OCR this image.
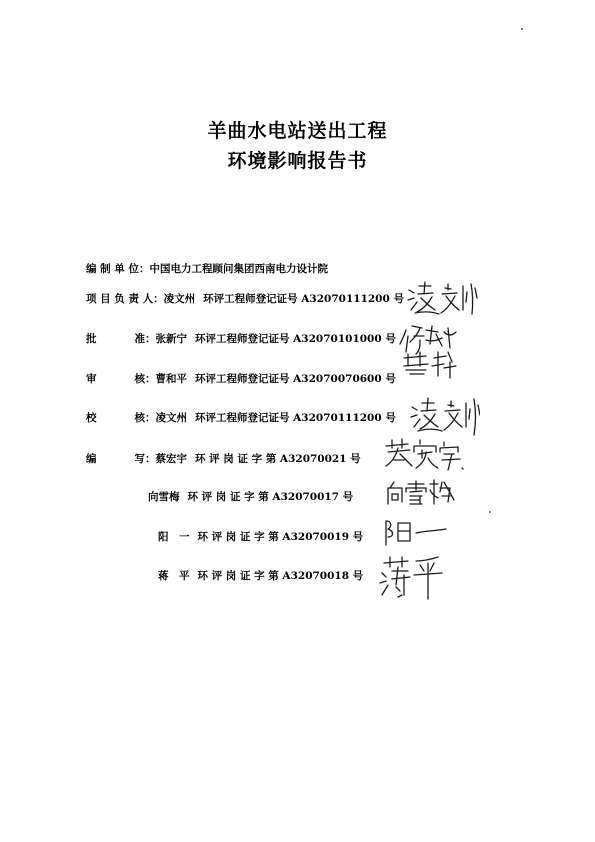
羊曲水电站送出工程
环境影响报告书
编 制 单 位：中国电力工程顾问集团西南电力设计院
项 目 负 责 人：凌文州 环评工程师登记证号 A32070111200 号
批	准：张新宁 环评工程师登记证号 A32070101000 号
审	核：曹和平 环评工程师登记证号 A32070070600 号
校	核：凌文州 环评工程师登记证号 A32070111200 号
编	写：蔡宏宇 环 评 岗 证 字 第 A32070021 号
向雪梅 环 评 岗 证 字 第 A32070017 号
阳　一 环 评 岗 证 字 第 A32070019 号
蒋　平 环 评 岗 证 字 第 A32070018 号
